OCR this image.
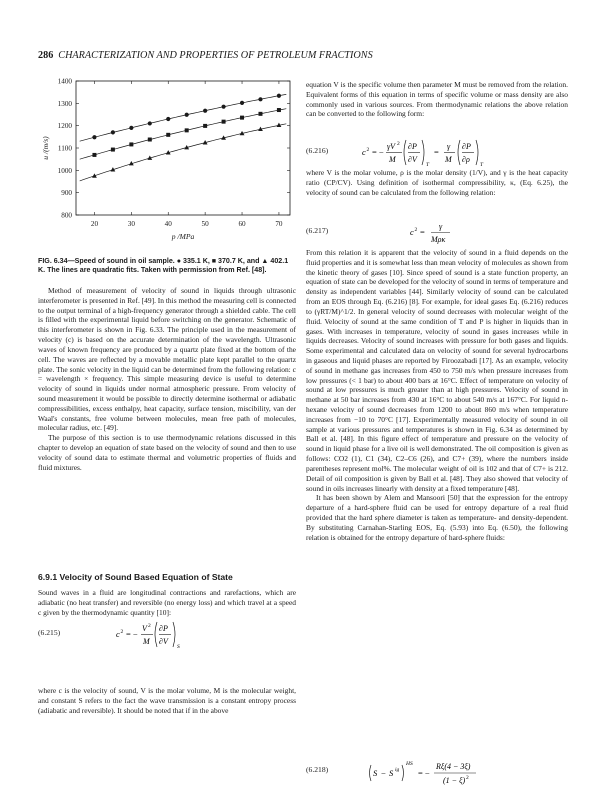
286 CHARACTERIZATION AND PROPERTIES OF PETROLEUM FRACTIONS
20	30	40	50	60	70
800
900
1000
1100
1200
1300
1400
p /MPa
u /(m/s)
FIG. 6.34—Speed of sound in oil sample. ● 335.1 K, ■ 370.7 K, and ▲ 402.1 K. The lines are quadratic fits. Taken with permission from Ref. [48].

Method of measurement of velocity of sound in liquids through ultrasonic interferometer is presented in Ref. [49]. In this method the measuring cell is connected to the output terminal of a high-frequency generator through a shielded cable. The cell is filled with the experimental liquid before switching on the generator. Schematic of this interferometer is shown in Fig. 6.33. The principle used in the measurement of velocity (c) is based on the accurate determination of the wavelength. Ultrasonic waves of known frequency are produced by a quartz plate fixed at the bottom of the cell. The waves are reflected by a movable metallic plate kept parallel to the quartz plate. The sonic velocity in the liquid can be determined from the following relation: c = wavelength × frequency. This simple measuring device is useful to determine velocity of sound in liquids under normal atmospheric pressure. From velocity of sound measurement it would be possible to directly determine isothermal or adiabatic compressibilities, excess enthalpy, heat capacity, surface tension, miscibility, van der Waal's constants, free volume between molecules, mean free path of molecules, molecular radius, etc. [49].

The purpose of this section is to use thermodynamic relations discussed in this chapter to develop an equation of state based on the velocity of sound and then to use velocity of sound data to estimate thermal and volumetric properties of fluids and fluid mixtures.

6.9.1 Velocity of Sound Based Equation of State

Sound waves in a fluid are longitudinal contractions and rarefactions, which are adiabatic (no heat transfer) and reversible (no energy loss) and which travel at a speed c given by the thermodynamic quantity [10]:

(6.215)	c 2 = −
V 2
M
∂P
∂V
S

where c is the velocity of sound, V is the molar volume, M is the molecular weight, and constant S refers to the fact the wave transmission is a constant entropy process (adiabatic and reversible). It should be noted that if in the above

equation V is the specific volume then parameter M must be removed from the relation. Equivalent forms of this equation in terms of specific volume or mass density are also commonly used in various sources. From thermodynamic relations the above relation can be converted to the following form:

(6.216)	c 2 = −
γV 2
M
∂P
∂V
T
=
γ
M
∂P
∂ρ
T

where V is the molar volume, ρ is the molar density (1/V), and γ is the heat capacity ratio (CP/CV). Using definition of isothermal compressibility, κ, (Eq. 6.25), the velocity of sound can be calculated from the following relation:

(6.217)	c 2 =
γ
Mρκ

From this relation it is apparent that the velocity of sound in a fluid depends on the fluid properties and it is somewhat less than mean velocity of molecules as shown from the kinetic theory of gases [10]. Since speed of sound is a state function property, an equation of state can be developed for the velocity of sound in terms of temperature and density as independent variables [44]. Similarly velocity of sound can be calculated from an EOS through Eq. (6.216) [8]. For example, for ideal gases Eq. (6.216) reduces to (γRT/M)^1/2. In general velocity of sound decreases with molecular weight of the fluid. Velocity of sound at the same condition of T and P is higher in liquids than in gases. With increases in temperature, velocity of sound in gases increases while in liquids decreases. Velocity of sound increases with pressure for both gases and liquids. Some experimental and calculated data on velocity of sound for several hydrocarbons in gaseous and liquid phases are reported by Firoozabadi [17]. As an example, velocity of sound in methane gas increases from 450 to 750 m/s when pressure increases from low pressures (< 1 bar) to about 400 bars at 16°C. Effect of temperature on velocity of sound at low pressures is much greater than at high pressures. Velocity of sound in methane at 50 bar increases from 430 at 16°C to about 540 m/s at 167°C. For liquid n-hexane velocity of sound decreases from 1200 to about 860 m/s when temperature increases from −10 to 70°C [17]. Experimentally measured velocity of sound in oil sample at various pressures and temperatures is shown in Fig. 6.34 as determined by Ball et al. [48]. In this figure effect of temperature and pressure on the velocity of sound in liquid phase for a live oil is well demonstrated. The oil composition is given as follows: CO2 (1), C1 (34), C2–C6 (26), and C7+ (39), where the numbers inside parentheses represent mol%. The molecular weight of oil is 102 and that of C7+ is 212. Detail of oil composition is given by Ball et al. [48]. They also showed that velocity of sound in oils increases linearly with density at a fixed temperature [48].

It has been shown by Alem and Mansoori [50] that the expression for the entropy departure of a hard-sphere fluid can be used for entropy departure of a real fluid provided that the hard sphere diameter is taken as temperature- and density-dependent. By substituting Carnahan-Starling EOS, Eq. (5.93) into Eq. (6.50), the following relation is obtained for the entropy departure of hard-sphere fluids:

(6.218)	S − S ig
HS
= −
Rξ(4 − 3ξ)
(1 − ξ) 2
